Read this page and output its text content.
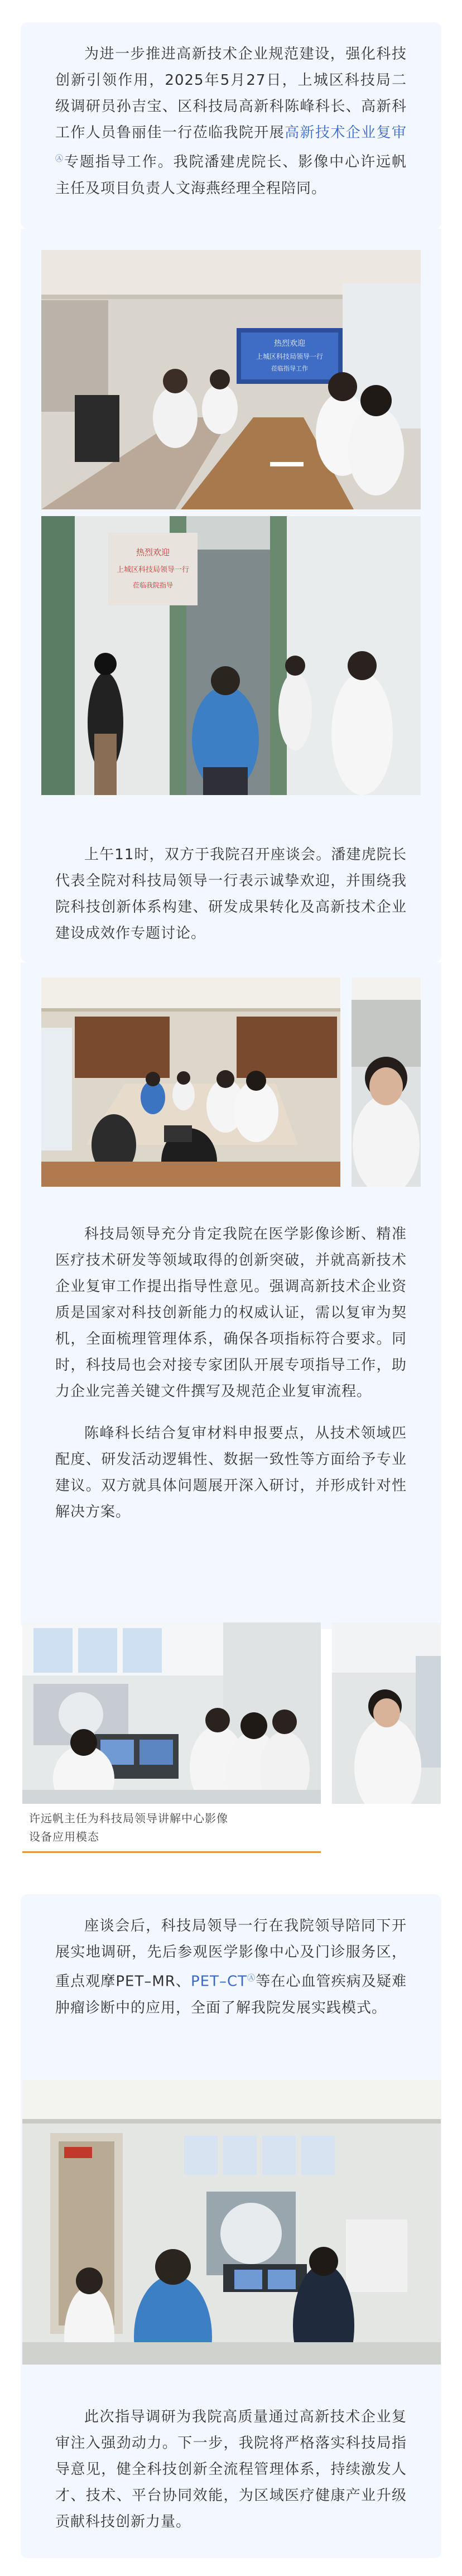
为进一步推进高新技术企业规范建设，强化科技创新引领作用，2025年5月27日，上城区科技局二级调研员孙吉宝、区科技局高新科陈峰科长、高新科工作人员鲁丽佳一行莅临我院开展高新技术企业复审Ⓐ专题指导工作。我院潘建虎院长、影像中心许远帆主任及项目负责人文海燕经理全程陪同。

热烈欢迎
上城区科技局领导一行
莅临指导工作
热烈欢迎
上城区科技局领导一行
莅临我院指导

上午11时，双方于我院召开座谈会。潘建虎院长代表全院对科技局领导一行表示诚挚欢迎，并围绕我院科技创新体系构建、研发成果转化及高新技术企业建设成效作专题讨论。

科技局领导充分肯定我院在医学影像诊断、精准医疗技术研发等领域取得的创新突破，并就高新技术企业复审工作提出指导性意见。强调高新技术企业资质是国家对科技创新能力的权威认证，需以复审为契机，全面梳理管理体系，确保各项指标符合要求。同时，科技局也会对接专家团队开展专项指导工作，助力企业完善关键文件撰写及规范企业复审流程。

陈峰科长结合复审材料申报要点，从技术领域匹配度、研发活动逻辑性、数据一致性等方面给予专业建议。双方就具体问题展开深入研讨，并形成针对性解决方案。

许远帆主任为科技局领导讲解中心影像
设备应用模态

座谈会后，科技局领导一行在我院领导陪同下开展实地调研，先后参观医学影像中心及门诊服务区，重点观摩PET–MR、PET–CTⒶ等在心血管疾病及疑难肿瘤诊断中的应用，全面了解我院发展实践模式。

此次指导调研为我院高质量通过高新技术企业复审注入强劲动力。下一步，我院将严格落实科技局指导意见，健全科技创新全流程管理体系，持续激发人才、技术、平台协同效能，为区域医疗健康产业升级贡献科技创新力量。
